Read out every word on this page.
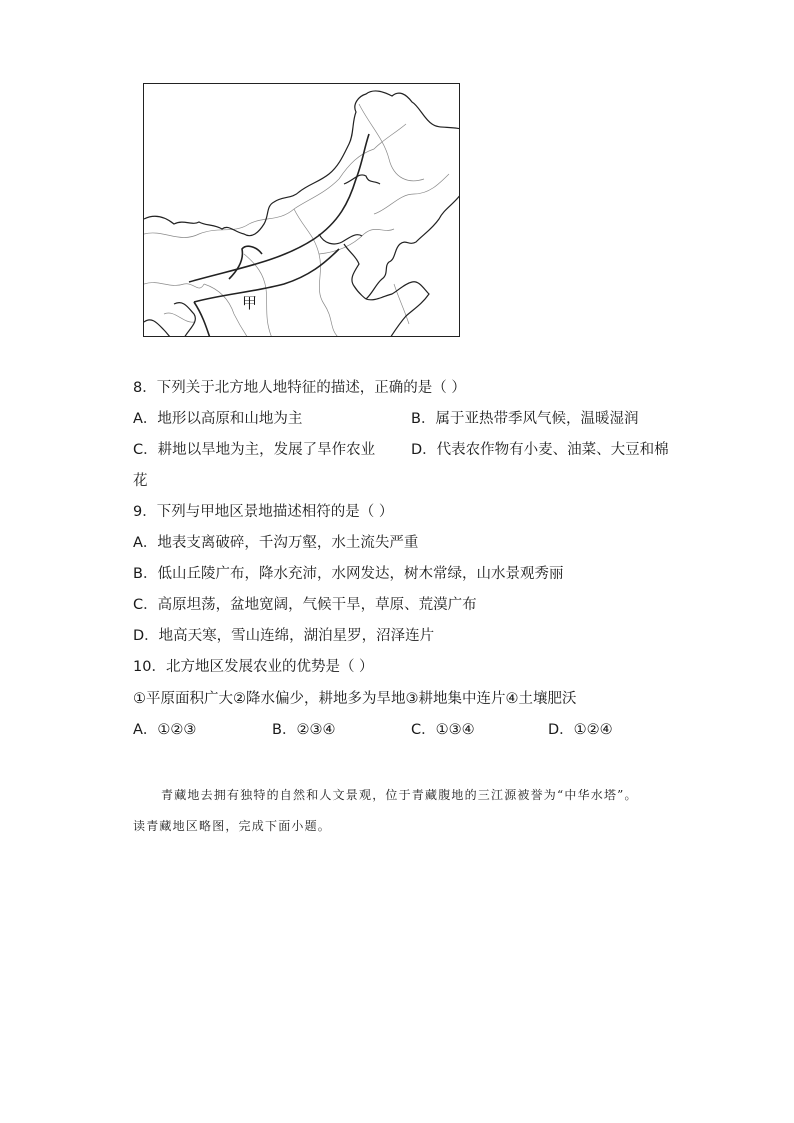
甲
8．下列关于北方地人地特征的描述，正确的是（ ）
A．地形以高原和山地为主	B．属于亚热带季风气候，温暖湿润
C．耕地以旱地为主，发展了旱作农业 D．代表农作物有小麦、油菜、大豆和棉
花
9．下列与甲地区景地描述相符的是（ ）
A．地表支离破碎，千沟万壑，水土流失严重
B．低山丘陵广布，降水充沛，水网发达，树木常绿，山水景观秀丽
C．高原坦荡，盆地宽阔，气候干旱，草原、荒漠广布
D．地高天寒，雪山连绵，湖泊星罗，沼泽连片
10．北方地区发展农业的优势是（ ）
①平原面积广大②降水偏少，耕地多为旱地③耕地集中连片④土壤肥沃
A．①②③	B．②③④	C．①③④	D．①②④
青藏地去拥有独特的自然和人文景观，位于青藏腹地的三江源被誉为“中华水塔”。
读青藏地区略图，完成下面小题。
